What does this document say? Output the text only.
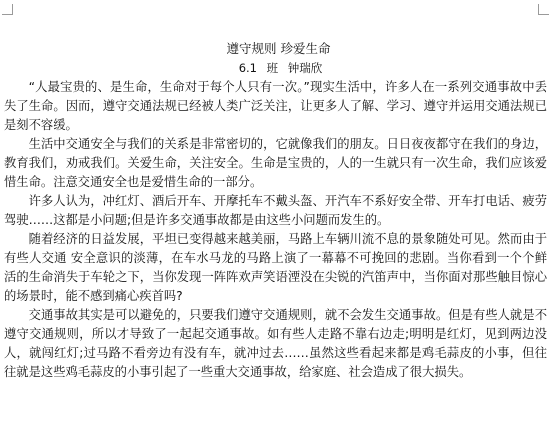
遵守规则 珍爱生命

6.1 班 钟瑞欣

“人最宝贵的、是生命，生命对于每个人只有一次。”现实生活中，许多人在一系列交通事故中丢失了生命。因而，遵守交通法规已经被人类广泛关注，让更多人了解、学习、遵守并运用交通法规已是刻不容缓。

生活中交通安全与我们的关系是非常密切的，它就像我们的朋友。日日夜夜都守在我们的身边，教育我们，劝戒我们。关爱生命，关注安全。生命是宝贵的，人的一生就只有一次生命，我们应该爱惜生命。注意交通安全也是爱惜生命的一部分。

许多人认为，冲红灯、酒后开车、开摩托车不戴头盔、开汽车不系好安全带、开车打电话、疲劳驾驶……这都是小问题;但是许多交通事故都是由这些小问题而发生的。

随着经济的日益发展，平坦已变得越来越美丽，马路上车辆川流不息的景象随处可见。然而由于有些人交通 安全意识的淡薄，在车水马龙的马路上演了一幕幕不可挽回的悲剧。当你看到一个个鲜活的生命消失于车轮之下，当你发现一阵阵欢声笑语湮没在尖锐的汽笛声中，当你面对那些触目惊心的场景时，能不感到痛心疾首吗?

交通事故其实是可以避免的，只要我们遵守交通规则，就不会发生交通事故。但是有些人就是不遵守交通规则，所以才导致了一起起交通事故。如有些人走路不靠右边走;明明是红灯，见到两边没人，就闯红灯;过马路不看旁边有没有车，就冲过去……虽然这些看起来都是鸡毛蒜皮的小事，但往往就是这些鸡毛蒜皮的小事引起了一些重大交通事故，给家庭、社会造成了很大损失。
